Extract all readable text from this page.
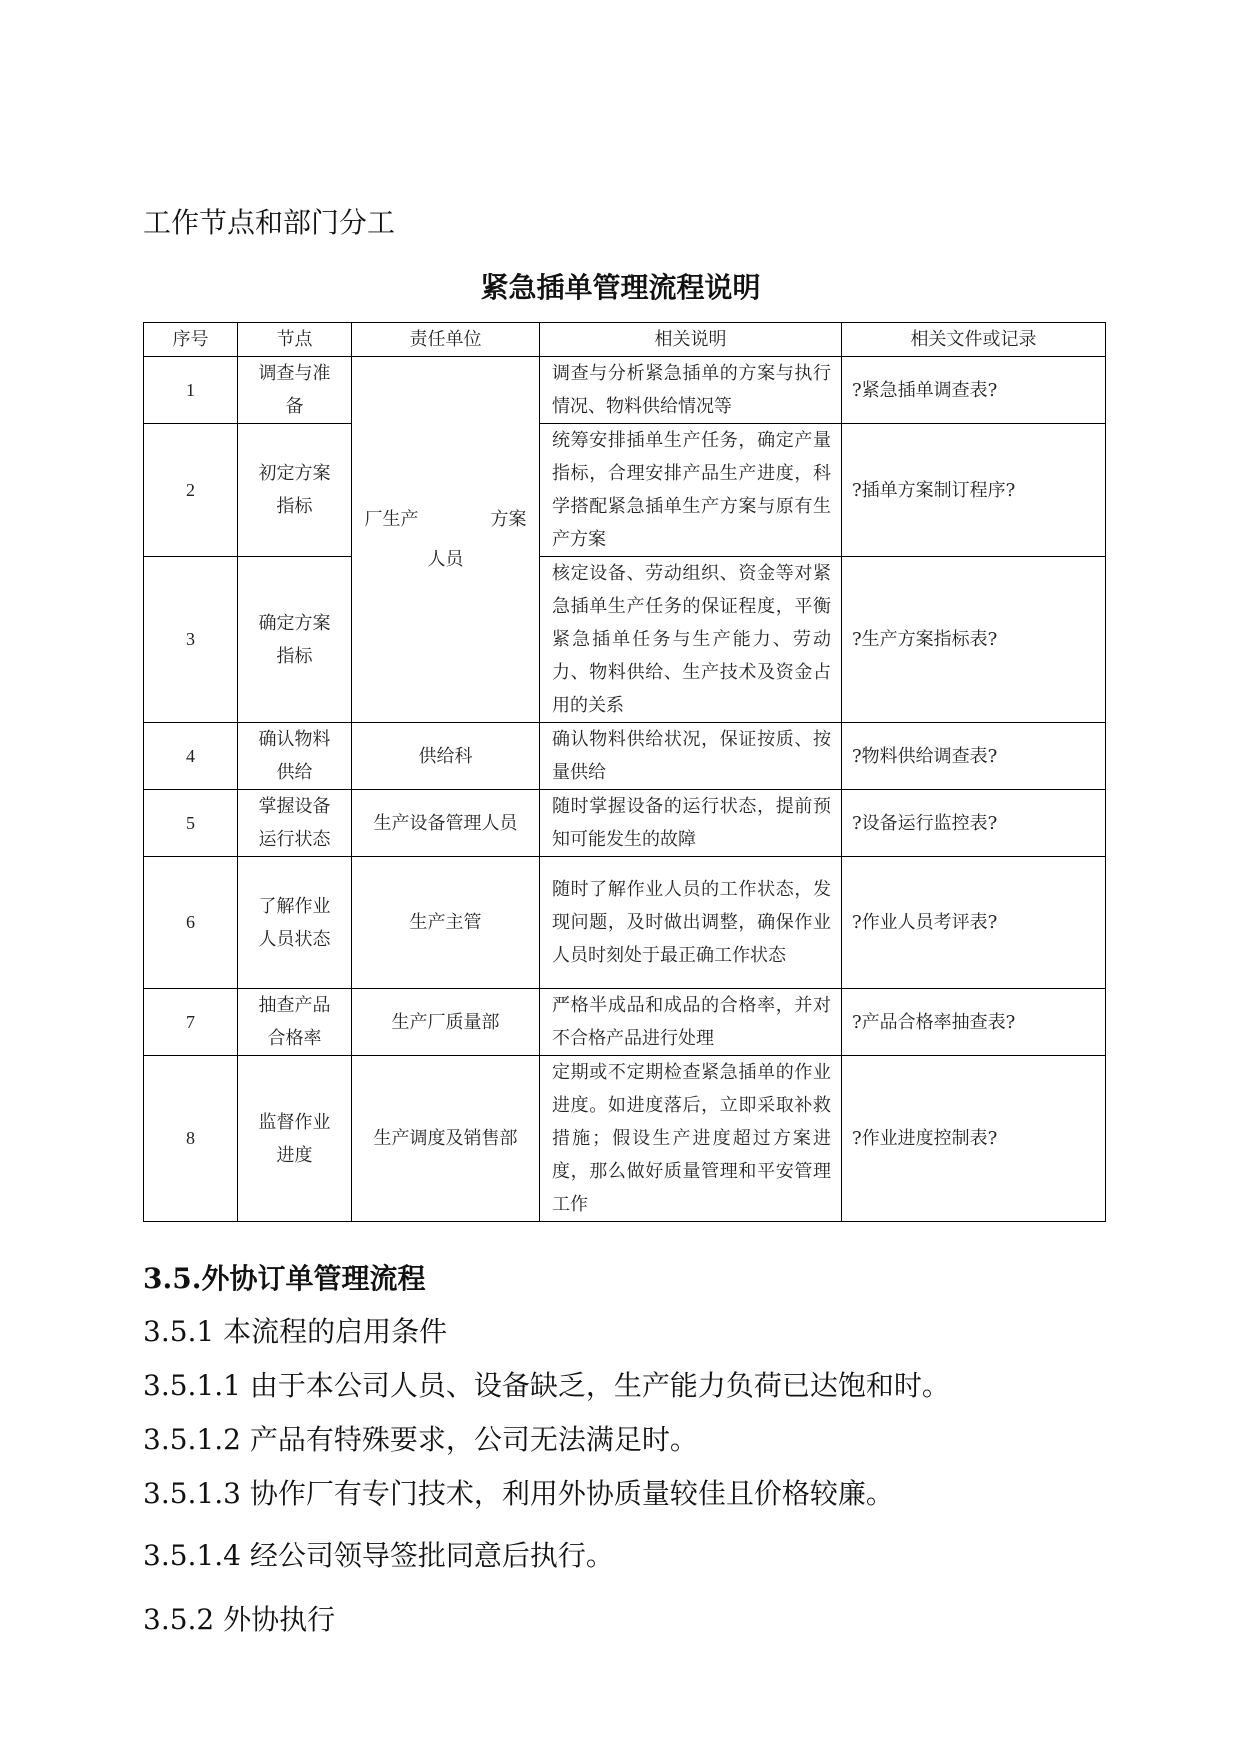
工作节点和部门分工
紧急插单管理流程说明
序号	节点	责任单位	相关说明	相关文件或记录
1	调查与准备	厂生产　　　　方案人员	调查与分析紧急插单的方案与执行情况、物料供给情况等	?紧急插单调查表?
2	初定方案指标		统筹安排插单生产任务，确定产量指标，合理安排产品生产进度，科学搭配紧急插单生产方案与原有生产方案	?插单方案制订程序?
3	确定方案指标		核定设备、劳动组织、资金等对紧急插单生产任务的保证程度，平衡紧急插单任务与生产能力、劳动力、物料供给、生产技术及资金占用的关系	?生产方案指标表?
4	确认物料供给	供给科	确认物料供给状况，保证按质、按量供给	?物料供给调查表?
5	掌握设备运行状态	生产设备管理人员	随时掌握设备的运行状态，提前预知可能发生的故障	?设备运行监控表?
6	了解作业人员状态	生产主管	随时了解作业人员的工作状态，发现问题，及时做出调整，确保作业人员时刻处于最正确工作状态	?作业人员考评表?
7	抽查产品合格率	生产厂质量部	严格半成品和成品的合格率，并对不合格产品进行处理	?产品合格率抽查表?
8	监督作业进度	生产调度及销售部	定期或不定期检查紧急插单的作业进度。如进度落后，立即采取补救措施；假设生产进度超过方案进度，那么做好质量管理和平安管理工作	?作业进度控制表?
3.5.外协订单管理流程
3.5.1 本流程的启用条件
3.5.1.1 由于本公司人员、设备缺乏，生产能力负荷已达饱和时。
3.5.1.2 产品有特殊要求，公司无法满足时。
3.5.1.3 协作厂有专门技术，利用外协质量较佳且价格较廉。
3.5.1.4 经公司领导签批同意后执行。
3.5.2 外协执行
